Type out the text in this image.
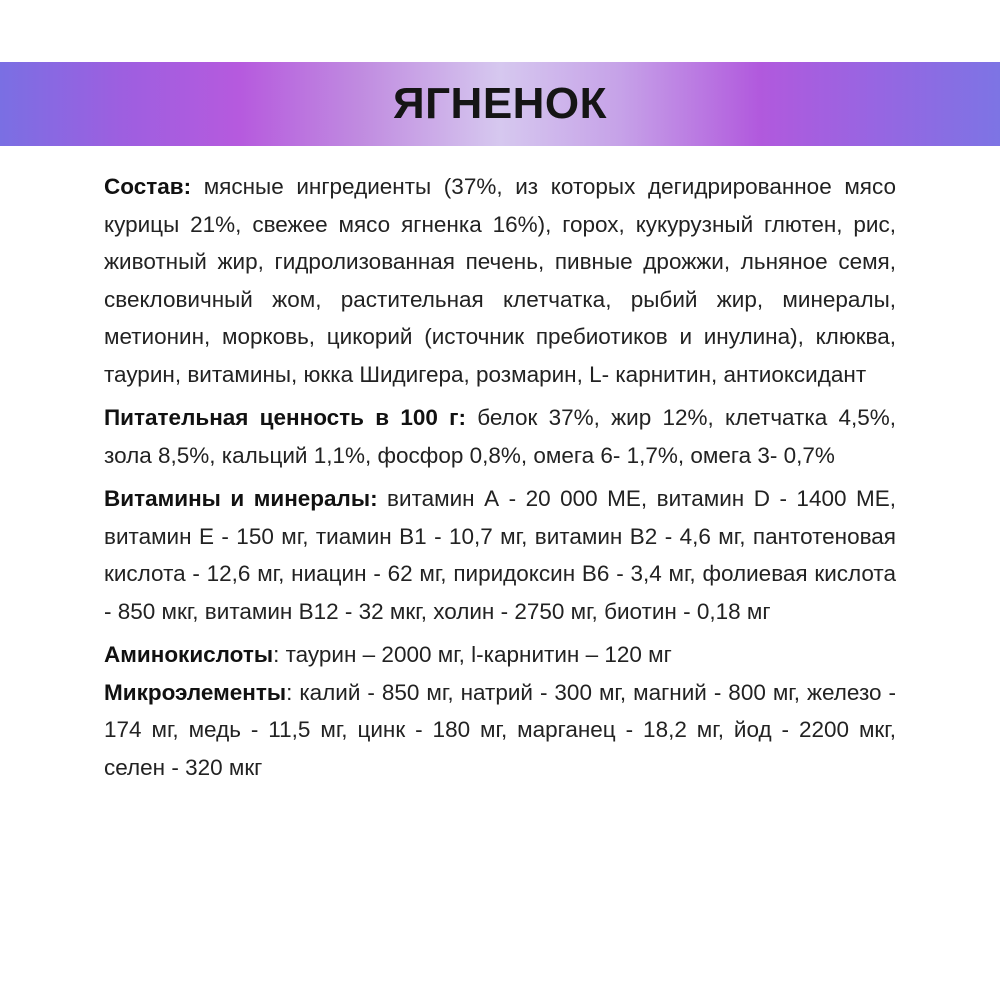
ЯГНЕНОК

Состав: мясные ингредиенты (37%, из которых дегидрированное мясо курицы 21%, свежее мясо ягненка 16%), горох, кукурузный глютен, рис, животный жир, гидролизованная печень, пивные дрожжи, льняное семя, свекловичный жом, растительная клетчатка, рыбий жир, минералы, метионин, морковь, цикорий (источник пребиотиков и инулина), клюква, таурин, витамины, юкка Шидигера, розмарин, L- карнитин, антиоксидант

Питательная ценность в 100 г: белок 37%, жир 12%, клетчатка 4,5%, зола 8,5%, кальций 1,1%, фосфор 0,8%, омега 6- 1,7%, омега 3- 0,7%

Витамины и минералы: витамин А - 20 000 МЕ, витамин D - 1400 МЕ, витамин Е - 150 мг, тиамин В1 - 10,7 мг, витамин В2 - 4,6 мг, пантотеновая кислота - 12,6 мг, ниацин - 62 мг, пиридоксин В6 - 3,4 мг, фолиевая кислота - 850 мкг, витамин В12 - 32 мкг, холин - 2750 мг, биотин - 0,18 мг

Аминокислоты: таурин – 2000 мг, l-карнитин – 120 мг

Микроэлементы: калий - 850 мг, натрий - 300 мг, магний - 800 мг, железо - 174 мг, медь - 11,5 мг, цинк - 180 мг, марганец - 18,2 мг, йод - 2200 мкг, селен - 320 мкг
